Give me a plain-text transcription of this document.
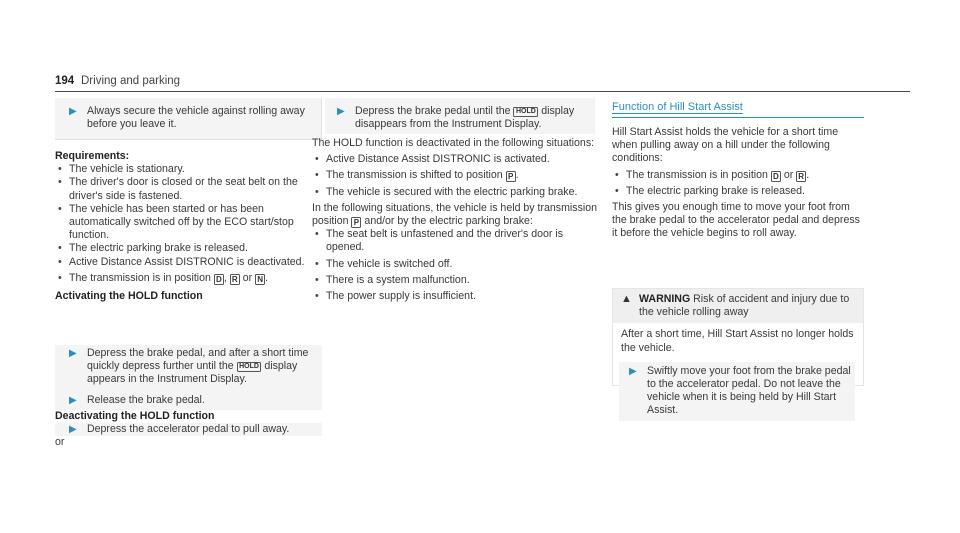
194 Driving and parking
▶ Always secure the vehicle against rolling away before you leave it.
Requirements:
• The vehicle is stationary.
• The driver's door is closed or the seat belt on the driver's side is fastened.
• The vehicle has been started or has been automatically switched off by the ECO start/stop function.
• The electric parking brake is released.
• Active Distance Assist DISTRONIC is deactivated.
• The transmission is in position D , R or N .
Activating the HOLD function
▶ Depress the brake pedal, and after a short time quickly depress further until the HOLD display appears in the Instrument Display.
▶ Release the brake pedal.
Deactivating the HOLD function
▶ Depress the accelerator pedal to pull away.
or
▶ Depress the brake pedal until the HOLD display disappears from the Instrument Display.
The HOLD function is deactivated in the following situations:
• Active Distance Assist DISTRONIC is activated.
• The transmission is shifted to position P .
• The vehicle is secured with the electric parking brake.
In the following situations, the vehicle is held by transmission position P and/or by the electric parking brake:
• The seat belt is unfastened and the driver's door is opened.
• The vehicle is switched off.
• There is a system malfunction.
• The power supply is insufficient.
Function of Hill Start Assist
Hill Start Assist holds the vehicle for a short time when pulling away on a hill under the following conditions:
• The transmission is in position D or R .
• The electric parking brake is released.
This gives you enough time to move your foot from the brake pedal to the accelerator pedal and depress it before the vehicle begins to roll away.
▲ WARNING Risk of accident and injury due to the vehicle rolling away
After a short time, Hill Start Assist no longer holds the vehicle.
▶ Swiftly move your foot from the brake pedal to the accelerator pedal. Do not leave the vehicle when it is being held by Hill Start Assist.
